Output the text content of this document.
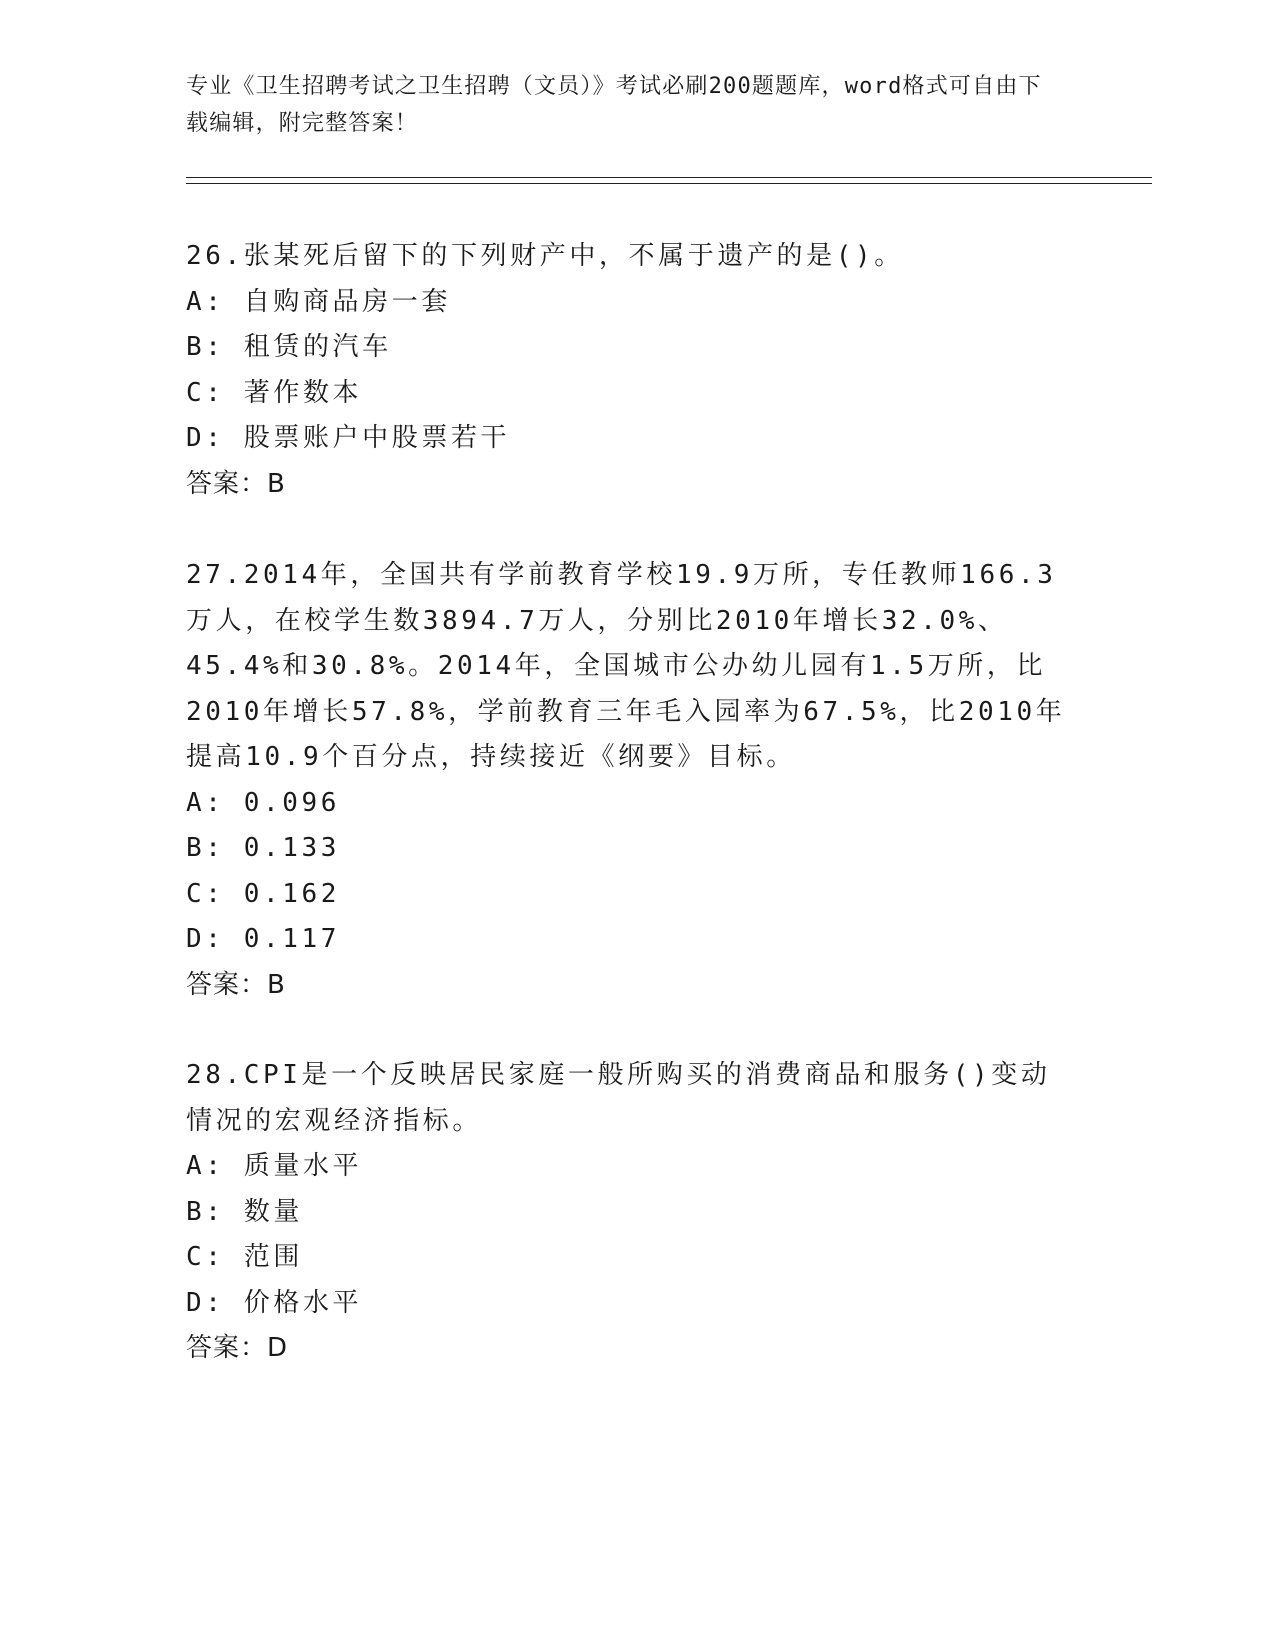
专业《卫生招聘考试之卫生招聘（文员）》考试必刷200题题库，word格式可自由下载编辑，附完整答案！

26.张某死后留下的下列财产中，不属于遗产的是()。

A: 自购商品房一套
B: 租赁的汽车
C: 著作数本
D: 股票账户中股票若干
答案：B

27.2014年，全国共有学前教育学校19.9万所，专任教师166.3万人，在校学生数3894.7万人，分别比2010年增长32.0%、45.4%和30.8%。2014年，全国城市公办幼儿园有1.5万所，比2010年增长57.8%，学前教育三年毛入园率为67.5%，比2010年提高10.9个百分点，持续接近《纲要》目标。

A: 0.096
B: 0.133
C: 0.162
D: 0.117
答案：B

28.CPI是一个反映居民家庭一般所购买的消费商品和服务()变动情况的宏观经济指标。

A: 质量水平
B: 数量
C: 范围
D: 价格水平
答案：D
